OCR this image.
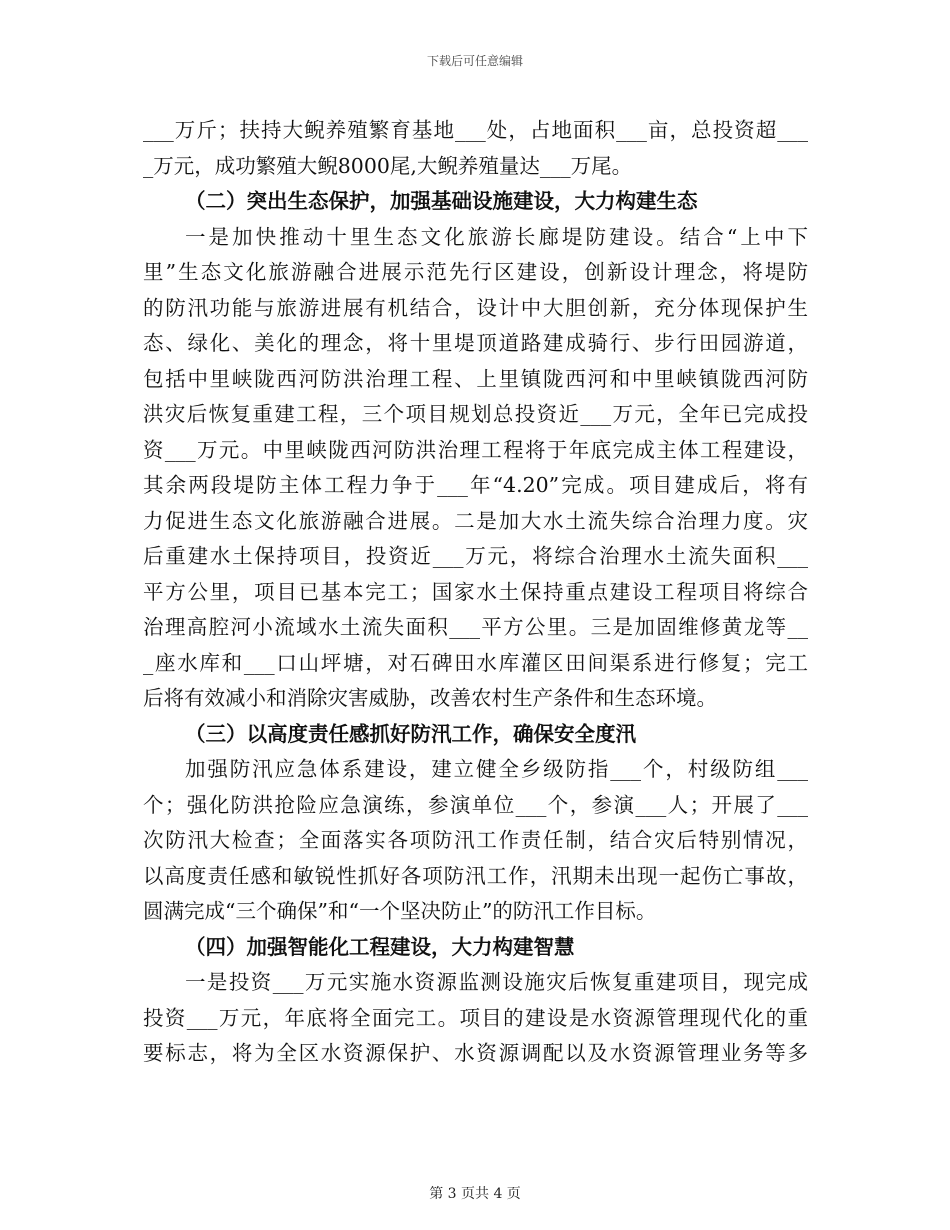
下载后可任意编辑
___万斤；扶持大鲵养殖繁育基地___处，占地面积___亩，总投资超___
_万元，成功繁殖大鲵8000尾,大鲵养殖量达___万尾。
（二）突出生态保护，加强基础设施建设，大力构建生态
一是加快推动十里生态文化旅游长廊堤防建设。结合“上中下
里”生态文化旅游融合进展示范先行区建设，创新设计理念，将堤防
的防汛功能与旅游进展有机结合，设计中大胆创新，充分体现保护生
态、绿化、美化的理念，将十里堤顶道路建成骑行、步行田园游道，
包括中里峡陇西河防洪治理工程、上里镇陇西河和中里峡镇陇西河防
洪灾后恢复重建工程，三个项目规划总投资近___万元，全年已完成投
资___万元。中里峡陇西河防洪治理工程将于年底完成主体工程建设，
其余两段堤防主体工程力争于___年“4.20”完成。项目建成后，将有
力促进生态文化旅游融合进展。二是加大水土流失综合治理力度。灾
后重建水土保持项目，投资近___万元，将综合治理水土流失面积___
平方公里，项目已基本完工；国家水土保持重点建设工程项目将综合
治理高腔河小流域水土流失面积___平方公里。三是加固维修黄龙等__
_座水库和___口山坪塘，对石碑田水库灌区田间渠系进行修复；完工
后将有效减小和消除灾害威胁，改善农村生产条件和生态环境。
（三）以高度责任感抓好防汛工作，确保安全度汛
加强防汛应急体系建设，建立健全乡级防指___个，村级防组___
个；强化防洪抢险应急演练，参演单位___个，参演___人；开展了___
次防汛大检查；全面落实各项防汛工作责任制，结合灾后特别情况，
以高度责任感和敏锐性抓好各项防汛工作，汛期未出现一起伤亡事故，
圆满完成“三个确保”和“一个坚决防止”的防汛工作目标。
（四）加强智能化工程建设，大力构建智慧
一是投资___万元实施水资源监测设施灾后恢复重建项目，现完成
投资___万元，年底将全面完工。项目的建设是水资源管理现代化的重
要标志，将为全区水资源保护、水资源调配以及水资源管理业务等多
第 3 页共 4 页
